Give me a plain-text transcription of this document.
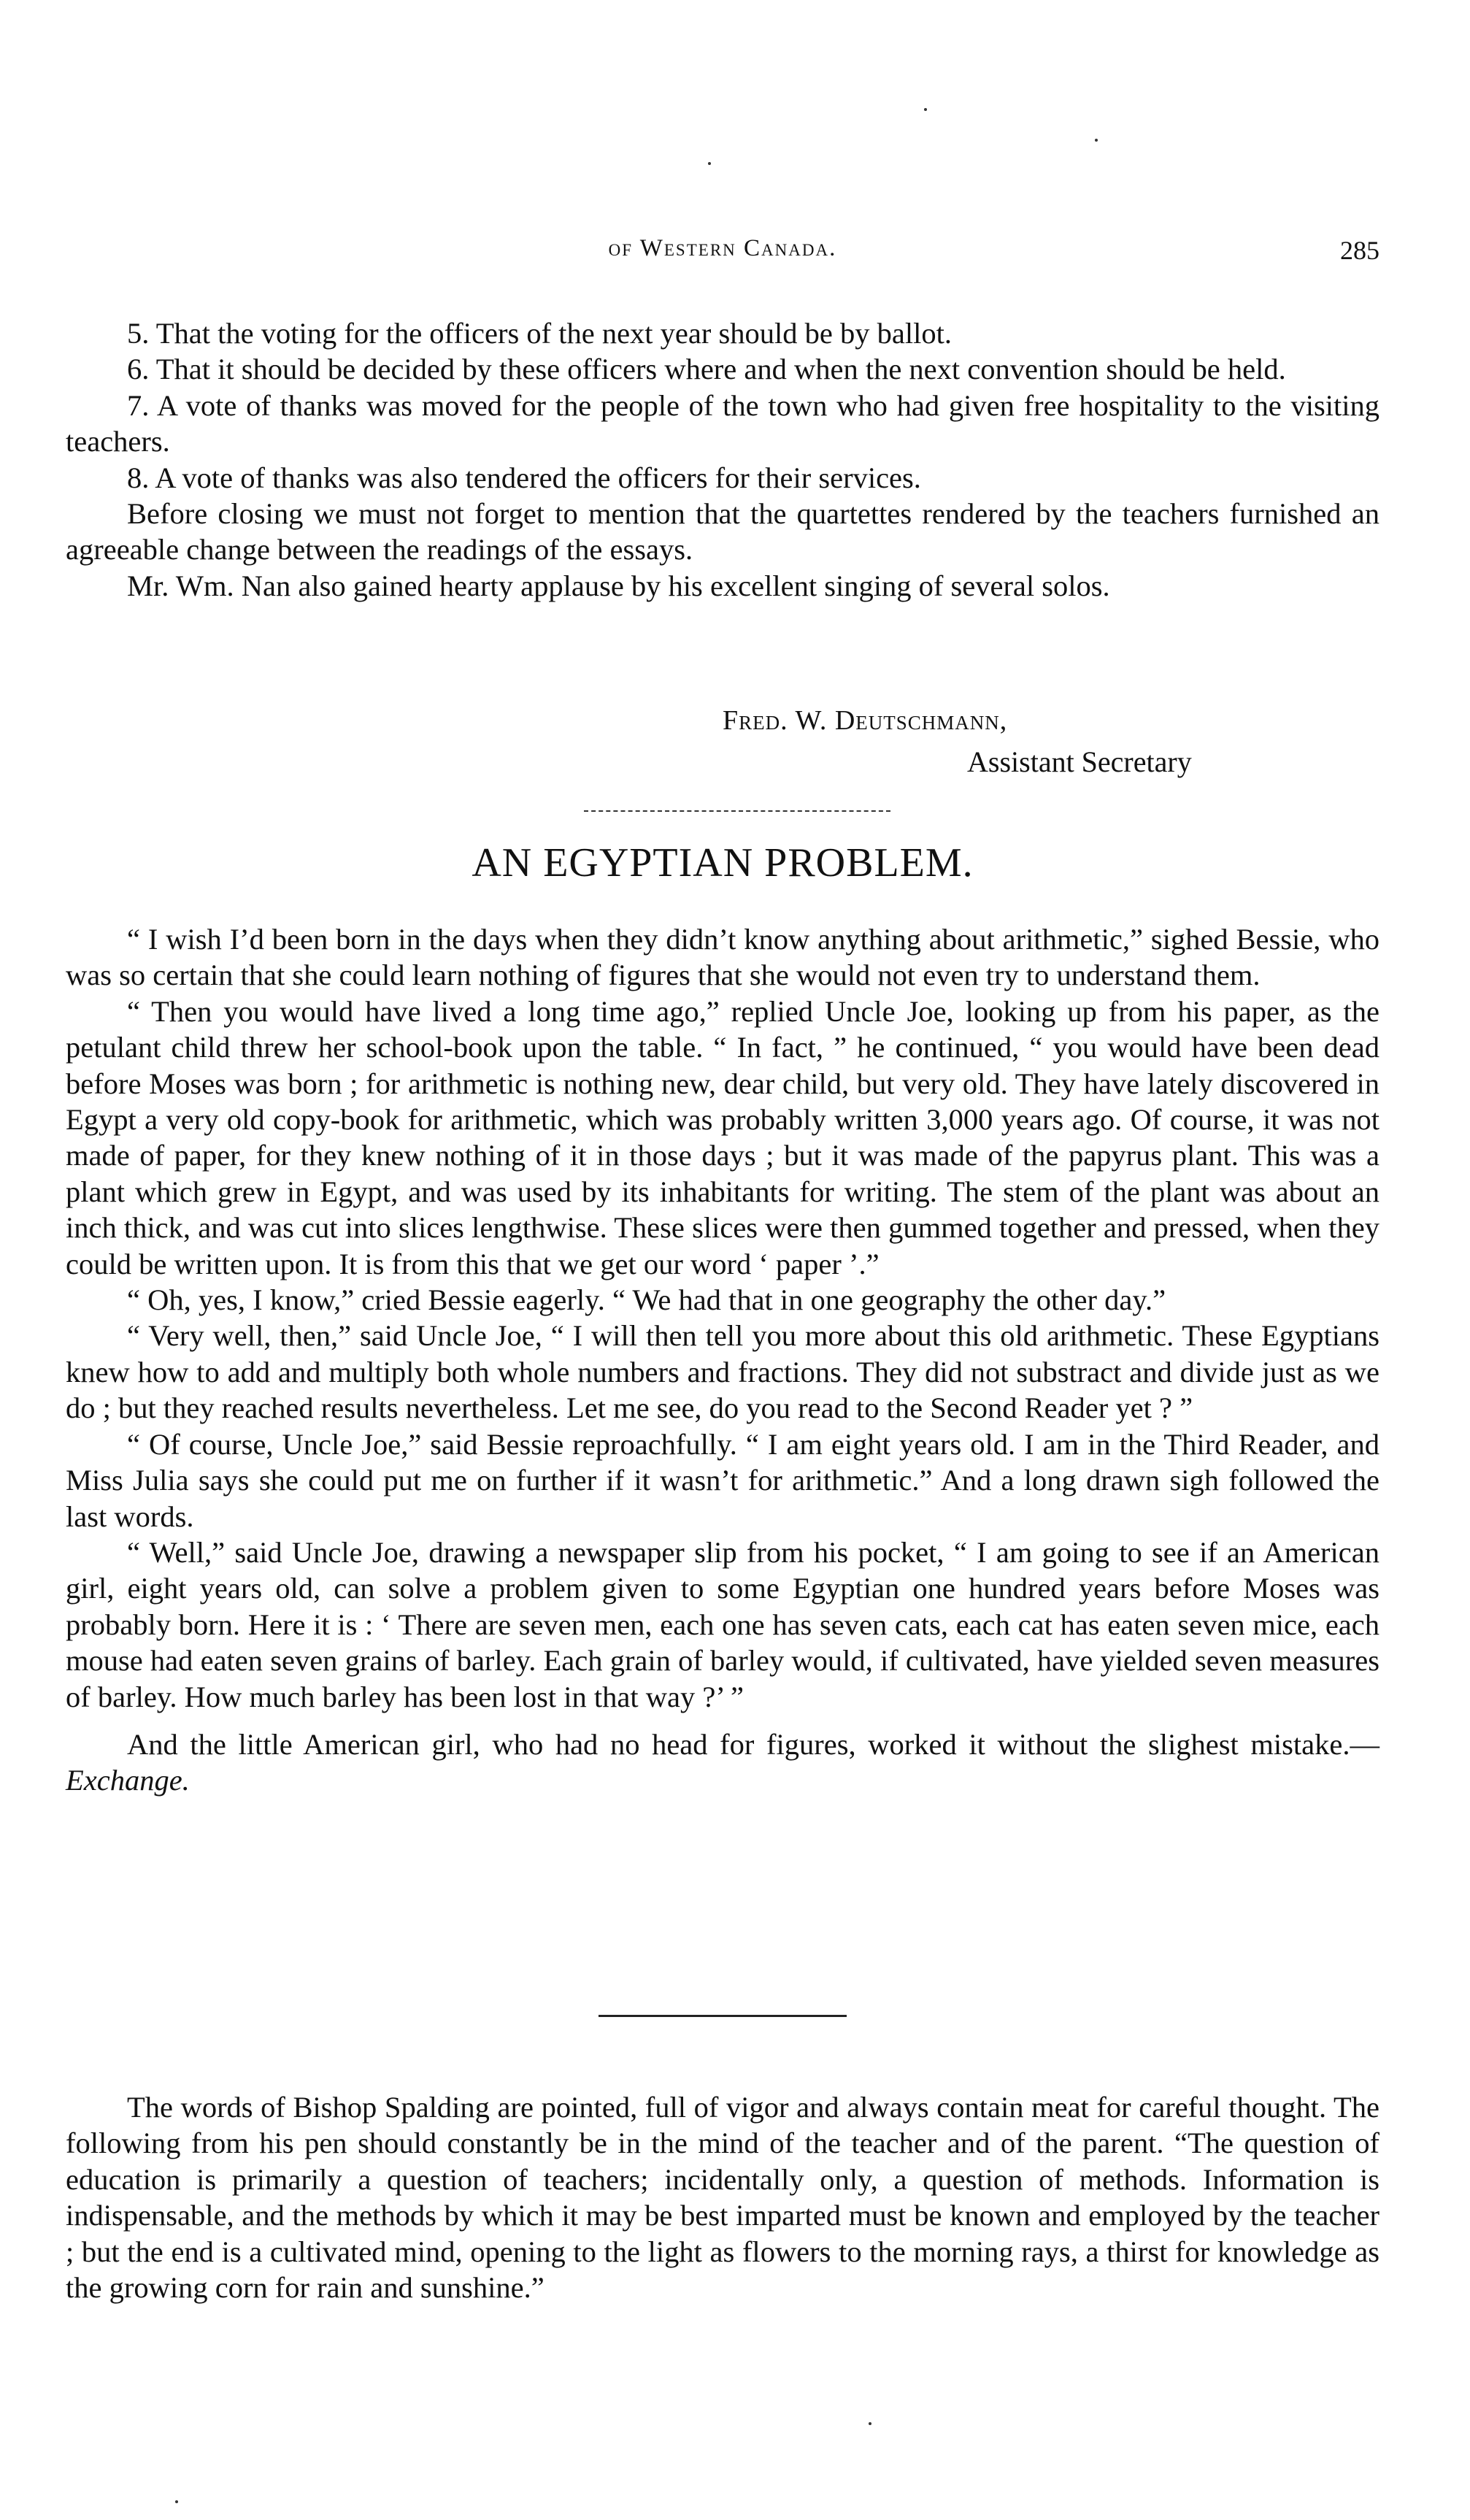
of Western Canada.	285

5. That the voting for the officers of the next year should be by ballot.

6. That it should be decided by these officers where and when the next convention should be held.

7. A vote of thanks was moved for the people of the town who had given free hospitality to the visiting teachers.

8. A vote of thanks was also tendered the officers for their services.

Before closing we must not forget to mention that the quartettes rendered by the teachers furnished an agreeable change between the readings of the essays.

Mr. Wm. Nan also gained hearty applause by his excellent singing of several solos.

Fred. W. Deutschmann,
Assistant Secretary
AN EGYPTIAN PROBLEM.

“ I wish I’d been born in the days when they didn’t know anything about arithmetic,” sighed Bessie, who was so certain that she could learn nothing of figures that she would not even try to understand them.

“ Then you would have lived a long time ago,” replied Uncle Joe, looking up from his paper, as the petulant child threw her school-book upon the table. “ In fact, ” he continued, “ you would have been dead before Moses was born ; for arithmetic is nothing new, dear child, but very old. They have lately discovered in Egypt a very old copy-book for arithmetic, which was probably written 3,000 years ago. Of course, it was not made of paper, for they knew nothing of it in those days ; but it was made of the papyrus plant. This was a plant which grew in Egypt, and was used by its inhabitants for writing. The stem of the plant was about an inch thick, and was cut into slices lengthwise. These slices were then gummed together and pressed, when they could be written upon. It is from this that we get our word ‘ paper ’.”

“ Oh, yes, I know,” cried Bessie eagerly. “ We had that in one geography the other day.”

“ Very well, then,” said Uncle Joe, “ I will then tell you more about this old arithmetic. These Egyptians knew how to add and multiply both whole numbers and fractions. They did not substract and divide just as we do ; but they reached results nevertheless. Let me see, do you read to the Second Reader yet ? ”

“ Of course, Uncle Joe,” said Bessie reproachfully. “ I am eight years old. I am in the Third Reader, and Miss Julia says she could put me on further if it wasn’t for arithmetic.” And a long drawn sigh followed the last words.

“ Well,” said Uncle Joe, drawing a newspaper slip from his pocket, “ I am going to see if an American girl, eight years old, can solve a problem given to some Egyptian one hundred years before Moses was probably born. Here it is : ‘ There are seven men, each one has seven cats, each cat has eaten seven mice, each mouse had eaten seven grains of barley. Each grain of barley would, if cultivated, have yielded seven measures of barley. How much barley has been lost in that way ?’ ”

And the little American girl, who had no head for figures, worked it without the slighest mistake.—Exchange.

The words of Bishop Spalding are pointed, full of vigor and always contain meat for careful thought. The following from his pen should constantly be in the mind of the teacher and of the parent. “The question of education is primarily a question of teachers; incidentally only, a question of methods. Information is indispensable, and the methods by which it may be best imparted must be known and employed by the teacher ; but the end is a cultivated mind, opening to the light as flowers to the morning rays, a thirst for knowledge as the growing corn for rain and sunshine.”
